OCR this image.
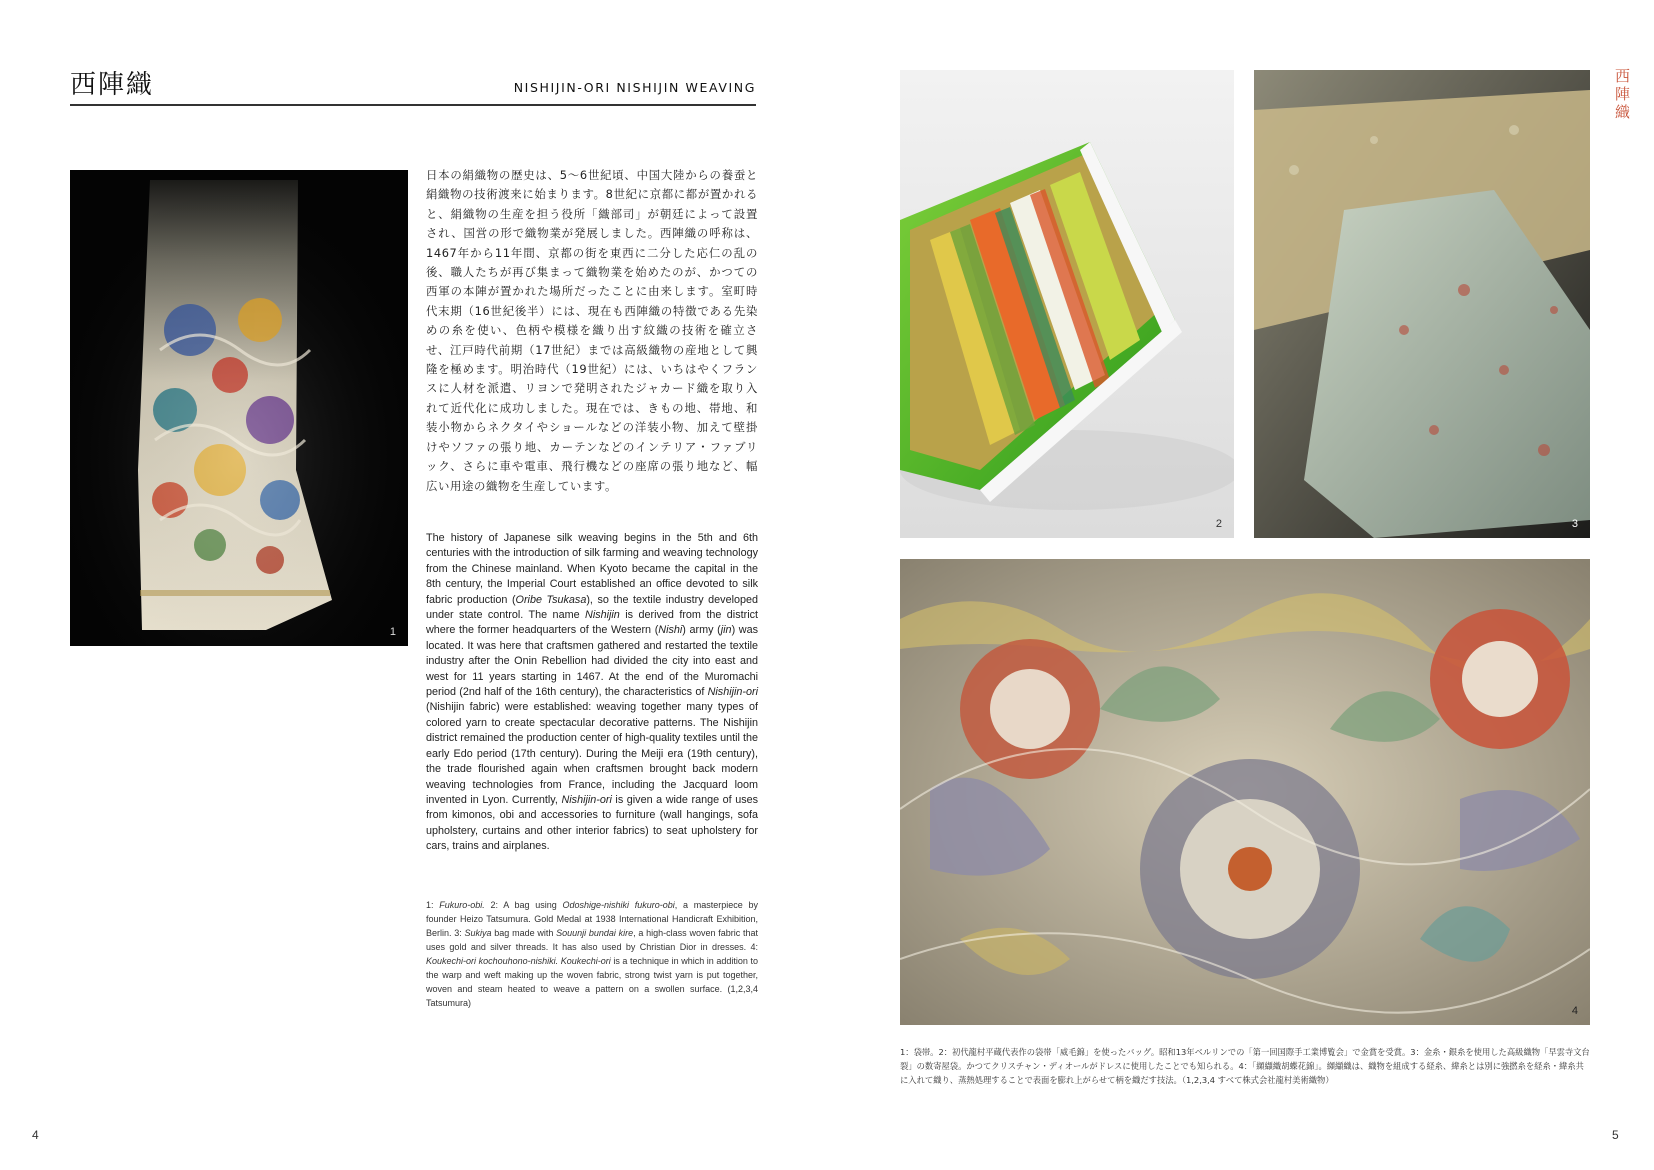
西陣織	NISHIJIN-ORI NISHIJIN WEAVING	西陣織
1
日本の絹織物の歴史は、5〜6世紀頃、中国大陸からの養蚕と絹織物の技術渡来に始まります。8世紀に京都に都が置かれると、絹織物の生産を担う役所「織部司」が朝廷によって設置され、国営の形で織物業が発展しました。西陣織の呼称は、1467年から11年間、京都の街を東西に二分した応仁の乱の後、職人たちが再び集まって織物業を始めたのが、かつての西軍の本陣が置かれた場所だったことに由来します。室町時代末期（16世紀後半）には、現在も西陣織の特徴である先染めの糸を使い、色柄や模様を織り出す紋織の技術を確立させ、江戸時代前期（17世紀）までは高級織物の産地として興隆を極めます。明治時代（19世紀）には、いちはやくフランスに人材を派遣、リヨンで発明されたジャカード織を取り入れて近代化に成功しました。現在では、きもの地、帯地、和装小物からネクタイやショールなどの洋装小物、加えて壁掛けやソファの張り地、カーテンなどのインテリア・ファブリック、さらに車や電車、飛行機などの座席の張り地など、幅広い用途の織物を生産しています。
The history of Japanese silk weaving begins in the 5th and 6th centuries with the introduction of silk farming and weaving technology from the Chinese mainland. When Kyoto became the capital in the 8th century, the Imperial Court established an office devoted to silk fabric production (Oribe Tsukasa), so the textile industry developed under state control. The name Nishijin is derived from the district where the former headquarters of the Western (Nishi) army (jin) was located. It was here that craftsmen gathered and restarted the textile industry after the Onin Rebellion had divided the city into east and west for 11 years starting in 1467. At the end of the Muromachi period (2nd half of the 16th century), the characteristics of Nishijin-ori (Nishijin fabric) were established: weaving together many types of colored yarn to create spectacular decorative patterns. The Nishijin district remained the production center of high-quality textiles until the early Edo period (17th century). During the Meiji era (19th century), the trade flourished again when craftsmen brought back modern weaving technologies from France, including the Jacquard loom invented in Lyon. Currently, Nishijin-ori is given a wide range of uses from kimonos, obi and accessories to furniture (wall hangings, sofa upholstery, curtains and other interior fabrics) to seat upholstery for cars, trains and airplanes.
1: Fukuro-obi. 2: A bag using Odoshige-nishiki fukuro-obi, a masterpiece by founder Heizo Tatsumura. Gold Medal at 1938 International Handicraft Exhibition, Berlin. 3: Sukiya bag made with Souunji bundai kire, a high-class woven fabric that uses gold and silver threads. It has also used by Christian Dior in dresses. 4: Koukechi-ori kochouhono-nishiki. Koukechi-ori is a technique in which in addition to the warp and weft making up the woven fabric, strong twist yarn is put together, woven and steam heated to weave a pattern on a swollen surface. (1,2,3,4 Tatsumura)
2	3
4
1：袋帯。2：初代龍村平蔵代表作の袋帯「威毛錦」を使ったバッグ。昭和13年ベルリンでの「第一回国際手工業博覧会」で金賞を受賞。3：金糸・銀糸を使用した高級織物「早雲寺文台裂」の数寄屋袋。かつてクリスチャン・ディオールがドレスに使用したことでも知られる。4：「纐纈織胡蝶花錦」。纐纈織は、織物を組成する経糸、緯糸とは別に強撚糸を経糸・緯糸共に入れて織り、蒸熱処理することで表面を膨れ上がらせて柄を織だす技法。（1,2,3,4 すべて株式会社龍村美術織物）
4	5
